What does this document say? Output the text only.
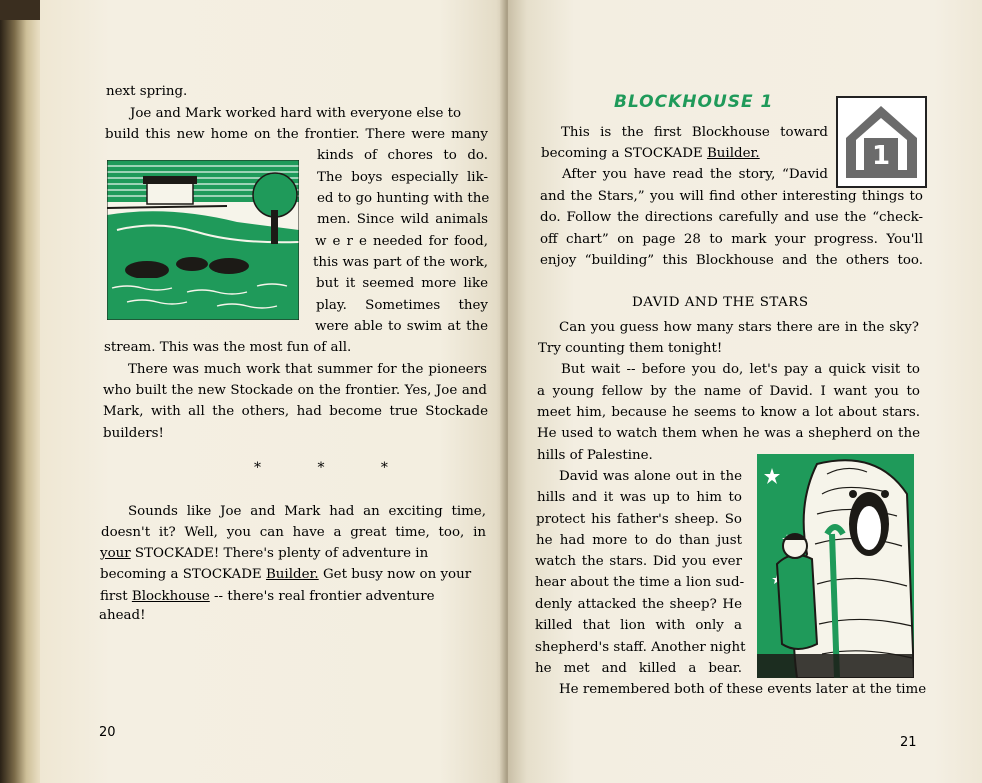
next spring.
Joe and Mark worked hard with everyone else to
build this new home on the frontier. There were many
kinds of chores to do.
The boys especially lik-
ed to go hunting with the
men. Since wild animals
w e r e needed for food,
this was part of the work,
but it seemed more like
play. Sometimes they
were able to swim at the
stream. This was the most fun of all.
There was much work that summer for the pioneers
who built the new Stockade on the frontier. Yes, Joe and
Mark, with all the others, had become true Stockade
builders!
* * *
Sounds like Joe and Mark had an exciting time,
doesn't it? Well, you can have a great time, too, in
your STOCKADE! There's plenty of adventure in
becoming a STOCKADE Builder. Get busy now on your
first Blockhouse -- there's real frontier adventure
ahead!
20
BLOCKHOUSE 1
1
This is the first Blockhouse toward
becoming a STOCKADE Builder.
After you have read the story, “David
and the Stars,” you will find other interesting things to
do. Follow the directions carefully and use the “check-
off chart” on page 28 to mark your progress. You'll
enjoy “building” this Blockhouse and the others too.
DAVID AND THE STARS
Can you guess how many stars there are in the sky?
Try counting them tonight!
But wait -- before you do, let's pay a quick visit to
a young fellow by the name of David. I want you to
meet him, because he seems to know a lot about stars.
He used to watch them when he was a shepherd on the
hills of Palestine.
David was alone out in the
hills and it was up to him to
protect his father's sheep. So
he had more to do than just
watch the stars. Did you ever
hear about the time a lion sud-
denly attacked the sheep? He
killed that lion with only a
shepherd's staff. Another night
he met and killed a bear.
He remembered both of these events later at the time
21
